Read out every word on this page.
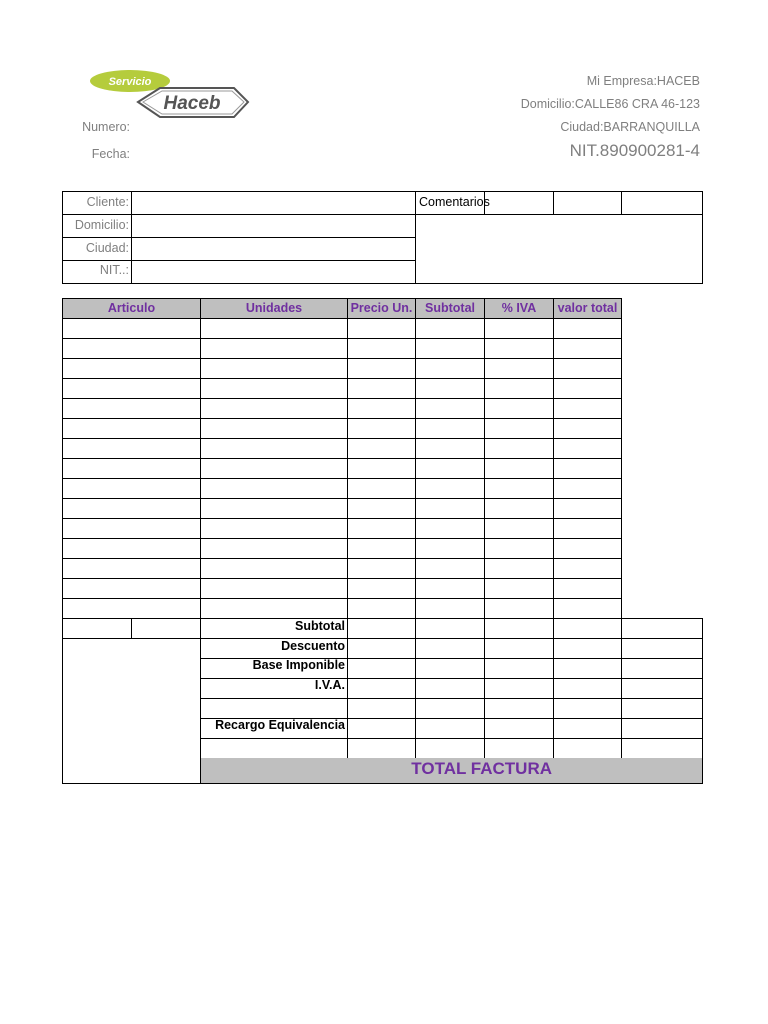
Servicio
Haceb
Mi Empresa:HACEB
Domicilio:CALLE86 CRA 46-123
Ciudad:BARRANQUILLA
NIT.890900281-4
Numero:
Fecha:
Cliente:
Domicilio:
Ciudad:
NIT..:
Comentarios
Articulo	Unidades	Precio Un.	Subtotal	% IVA	valor total
Subtotal
Descuento
Base Imponible
I.V.A.
Recargo Equivalencia
TOTAL FACTURA
